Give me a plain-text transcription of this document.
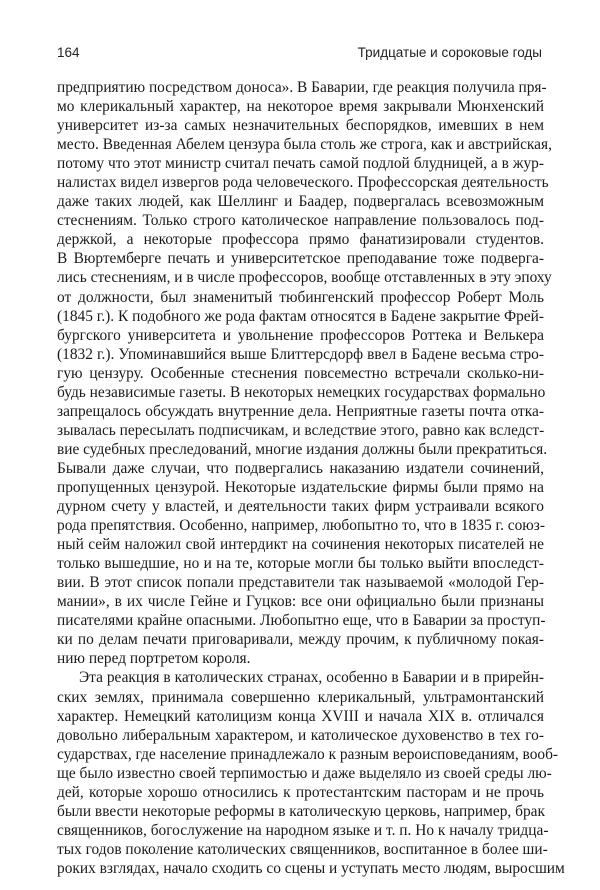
164	Тридцатые и сороковые годы
предприятию посредством доноса». В Баварии, где реакция получила пря-
мо клерикальный характер, на некоторое время закрывали Мюнхенский
университет из-за самых незначительных беспорядков, имевших в нем
место. Введенная Абелем цензура была столь же строга, как и австрийская,
потому что этот министр считал печать самой подлой блудницей, а в жур-
налистах видел извергов рода человеческого. Профессорская деятельность
даже таких людей, как Шеллинг и Баадер, подвергалась всевозможным
стеснениям. Только строго католическое направление пользовалось под-
держкой, а некоторые профессора прямо фанатизировали студентов.
В Вюртемберге печать и университетское преподавание тоже подверга-
лись стеснениям, и в числе профессоров, вообще отставленных в эту эпоху
от должности, был знаменитый тюбингенский профессор Роберт Моль
(1845 г.). К подобного же рода фактам относятся в Бадене закрытие Фрей-
бургского университета и увольнение профессоров Роттека и Велькера
(1832 г.). Упоминавшийся выше Блиттерсдорф ввел в Бадене весьма стро-
гую цензуру. Особенные стеснения повсеместно встречали сколько-ни-
будь независимые газеты. В некоторых немецких государствах формально
запрещалось обсуждать внутренние дела. Неприятные газеты почта отка-
зывалась пересылать подписчикам, и вследствие этого, равно как вследст-
вие судебных преследований, многие издания должны были прекратиться.
Бывали даже случаи, что подвергались наказанию издатели сочинений,
пропущенных цензурой. Некоторые издательские фирмы были прямо на
дурном счету у властей, и деятельности таких фирм устраивали всякого
рода препятствия. Особенно, например, любопытно то, что в 1835 г. союз-
ный сейм наложил свой интердикт на сочинения некоторых писателей не
только вышедшие, но и на те, которые могли бы только выйти впоследст-
вии. В этот список попали представители так называемой «молодой Гер-
мании», в их числе Гейне и Гуцков: все они официально были признаны
писателями крайне опасными. Любопытно еще, что в Баварии за проступ-
ки по делам печати приговаривали, между прочим, к публичному покая-
нию перед портретом короля.
Эта реакция в католических странах, особенно в Баварии и в прирейн-
ских землях, принимала совершенно клерикальный, ультрамонтанский
характер. Немецкий католицизм конца XVIII и начала XIX в. отличался
довольно либеральным характером, и католическое духовенство в тех го-
сударствах, где население принадлежало к разным вероисповеданиям, вооб-
ще было известно своей терпимостью и даже выделяло из своей среды лю-
дей, которые хорошо относились к протестантским пасторам и не прочь
были ввести некоторые реформы в католическую церковь, например, брак
священников, богослужение на народном языке и т. п. Но к началу тридца-
тых годов поколение католических священников, воспитанное в более ши-
роких взглядах, начало сходить со сцены и уступать место людям, выросшим
